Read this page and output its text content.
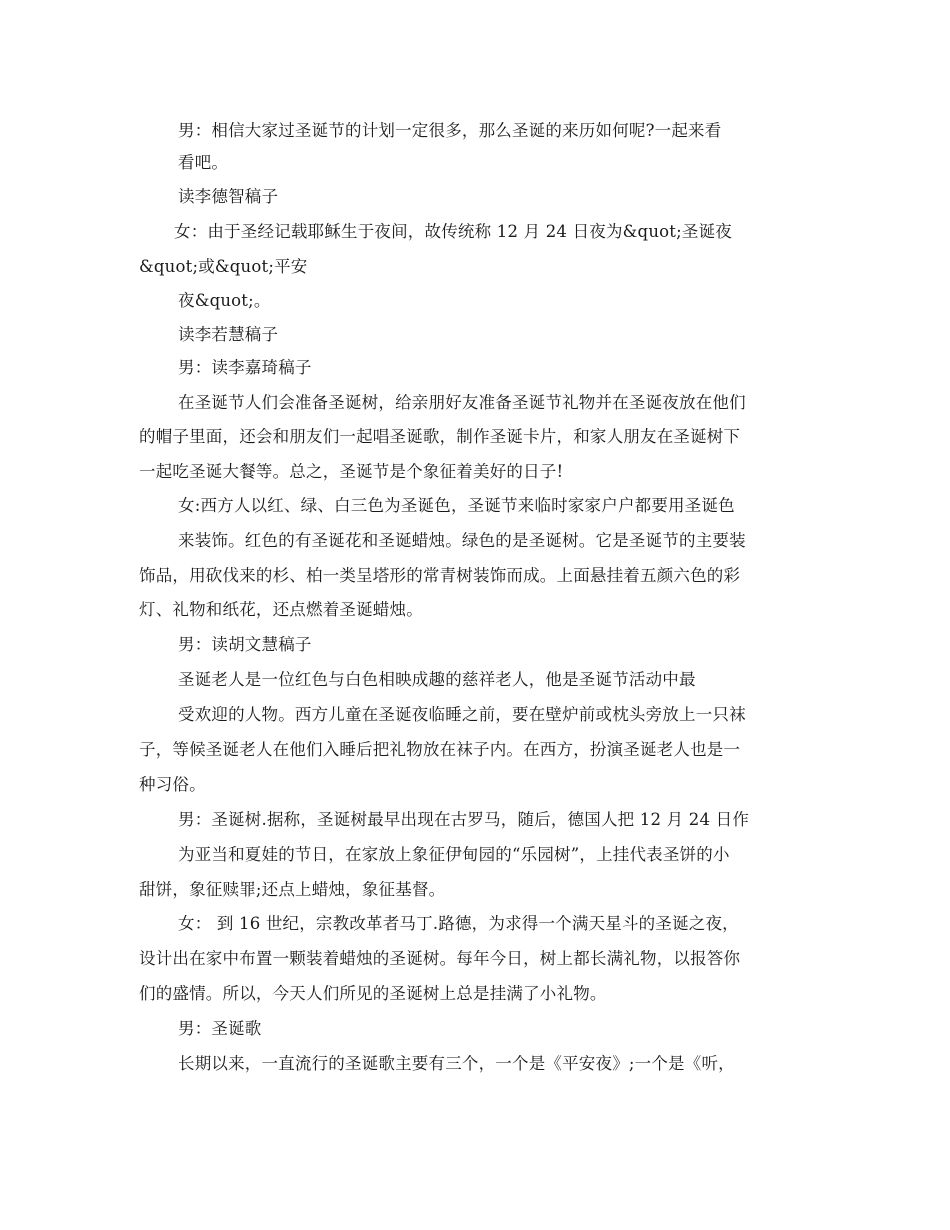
男：相信大家过圣诞节的计划一定很多，那么圣诞的来历如何呢?一起来看
看吧。
读李德智稿子
女：由于圣经记载耶稣生于夜间，故传统称 12 月 24 日夜为&quot;圣诞夜
&quot;或&quot;平安
夜&quot;。
读李若慧稿子
男：读李嘉琦稿子
在圣诞节人们会准备圣诞树，给亲朋好友准备圣诞节礼物并在圣诞夜放在他们
的帽子里面，还会和朋友们一起唱圣诞歌，制作圣诞卡片，和家人朋友在圣诞树下
一起吃圣诞大餐等。总之，圣诞节是个象征着美好的日子!
女:西方人以红、绿、白三色为圣诞色，圣诞节来临时家家户户都要用圣诞色
来装饰。红色的有圣诞花和圣诞蜡烛。绿色的是圣诞树。它是圣诞节的主要装
饰品，用砍伐来的杉、柏一类呈塔形的常青树装饰而成。上面悬挂着五颜六色的彩
灯、礼物和纸花，还点燃着圣诞蜡烛。
男：读胡文慧稿子
圣诞老人是一位红色与白色相映成趣的慈祥老人，他是圣诞节活动中最
受欢迎的人物。西方儿童在圣诞夜临睡之前，要在壁炉前或枕头旁放上一只袜
子，等候圣诞老人在他们入睡后把礼物放在袜子内。在西方，扮演圣诞老人也是一
种习俗。
男：圣诞树.据称，圣诞树最早出现在古罗马，随后，德国人把 12 月 24 日作
为亚当和夏娃的节日，在家放上象征伊甸园的“乐园树”，上挂代表圣饼的小
甜饼，象征赎罪;还点上蜡烛，象征基督。
女： 到 16 世纪，宗教改革者马丁.路德，为求得一个满天星斗的圣诞之夜，
设计出在家中布置一颗装着蜡烛的圣诞树。每年今日，树上都长满礼物，以报答你
们的盛情。所以，今天人们所见的圣诞树上总是挂满了小礼物。
男：圣诞歌
长期以来，一直流行的圣诞歌主要有三个，一个是《平安夜》;一个是《听，
